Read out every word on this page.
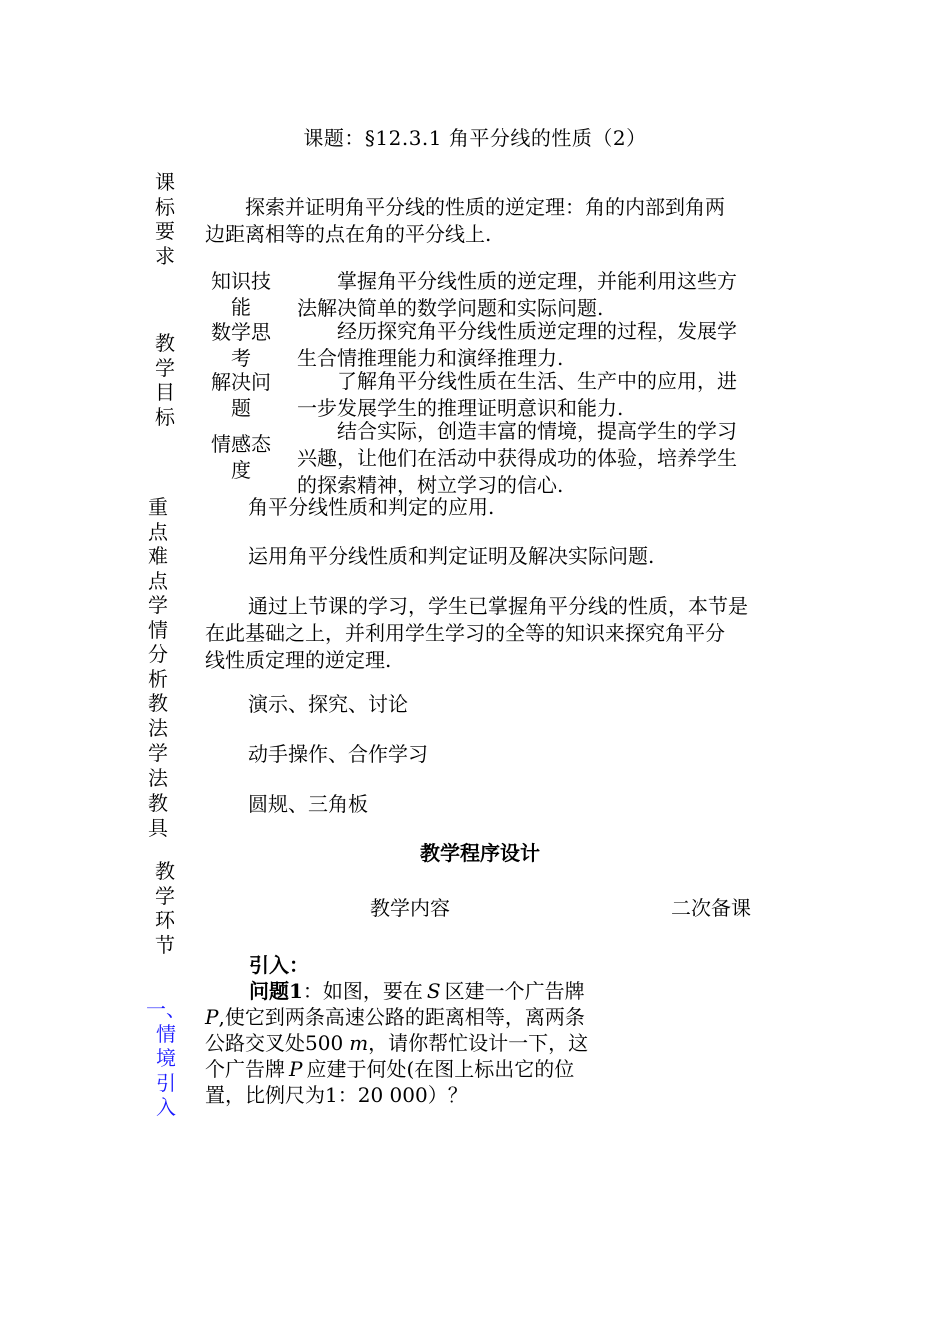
课题：§12.3.1 角平分线的性质（2）
课
标
要
求
　　探索并证明角平分线的性质的逆定理：角的内部到角两
边距离相等的点在角的平分线上.
教
学
目
标
知识技
能
　　掌握角平分线性质的逆定理，并能利用这些方
法解决简单的数学问题和实际问题.
数学思
考
　　经历探究角平分线性质逆定理的过程，发展学
生合情推理能力和演绎推理力.
解决问
题
　　了解角平分线性质在生活、生产中的应用，进
一步发展学生的推理证明意识和能力.
情感态
度
　　结合实际，创造丰富的情境，提高学生的学习
兴趣，让他们在活动中获得成功的体验，培养学生
的探索精神，树立学习的信心.
重
点
难
点
角平分线性质和判定的应用.
运用角平分线性质和判定证明及解决实际问题.
学
情
分
析
通过上节课的学习，学生已掌握角平分线的性质，本节是
在此基础之上，并利用学生学习的全等的知识来探究角平分
线性质定理的逆定理.
教
法
演示、探究、讨论
学
法
动手操作、合作学习
教
具
圆规、三角板
教学程序设计
教
学
环
节
教学内容	二次备课
一、
情
境
引
入
引入：
问题1：如图，要在 S 区建一个广告牌
P,使它到两条高速公路的距离相等，离两条
公路交叉处500 m，请你帮忙设计一下，这
个广告牌 P 应建于何处(在图上标出它的位
置，比例尺为1：20 000）？
